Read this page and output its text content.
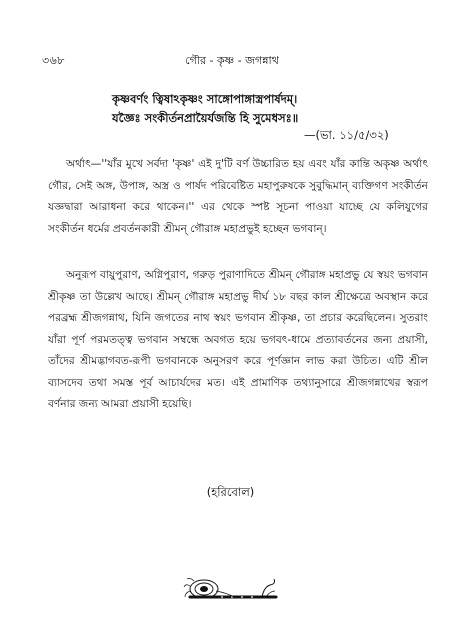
৩৬৮	গৌর - কৃষ্ণ - জগন্নাথ
কৃষ্ণবর্ণং ত্বিষাঽকৃষ্ণং সাঙ্গোপাঙ্গাস্ত্রপার্ষদম্।
যজ্ঞৈঃ সংকীর্তনপ্রায়ৈর্যজন্তি হি সুমেধসঃ॥
—(ভা. ১১/৫/৩২)
অর্থাৎ—''যাঁর মুখে সর্বদা 'কৃষ্ণ' এই দু'টি বর্ণ উচ্চারিত হয় এবং যাঁর কান্তি অকৃষ্ণ অর্থাৎ গৌর, সেই অঙ্গ, উপাঙ্গ, অস্ত্র ও পার্ষদ পরিবেষ্টিত মহাপুরুষকে সুবুদ্ধিমান্ ব্যক্তিগণ সংকীর্তন যজ্ঞদ্বারা আরাধনা করে থাকেন।'' এর থেকে স্পষ্ট সূচনা পাওয়া যাচ্ছে যে কলিযুগের সংকীর্তন ধর্মের প্রবর্তনকারী শ্রীমন্ গৌরাঙ্গ মহাপ্রভুই হচ্ছেন ভগবান্।
অনুরূপ বায়ুপুরাণ, অগ্নিপুরাণ, গরুড় পুরাণাদিতে শ্রীমন্ গৌরাঙ্গ মহাপ্রভু যে স্বয়ং ভগবান শ্রীকৃষ্ণ তা উল্লেখ আছে। শ্রীমন্ গৌরাঙ্গ মহাপ্রভু দীর্ঘ ১৮ বছর কাল শ্রীক্ষেত্রে অবস্থান করে পরব্রহ্ম শ্রীজগন্নাথ, যিনি জগতের নাথ স্বয়ং ভগবান শ্রীকৃষ্ণ, তা প্রচার করেছিলেন। সুতরাং যাঁরা পূর্ণ পরমতত্ত্ব ভগবান সম্বন্ধে অবগত হয়ে ভগবৎ-ধামে প্রত্যাবর্তনের জন্য প্রয়াসী, তাঁদের শ্রীমদ্ভাগবত-রূপী ভগবানকে অনুসরণ করে পূর্ণজ্ঞান লাভ করা উচিত। এটি শ্রীল ব্যাসদেব তথা সমস্ত পূর্ব আচার্যদের মত। এই প্রামাণিক তথ্যানুসারে শ্রীজগন্নাথের স্বরূপ বর্ণনার জন্য আমরা প্রয়াসী হয়েছি।
(হরিবোল)
